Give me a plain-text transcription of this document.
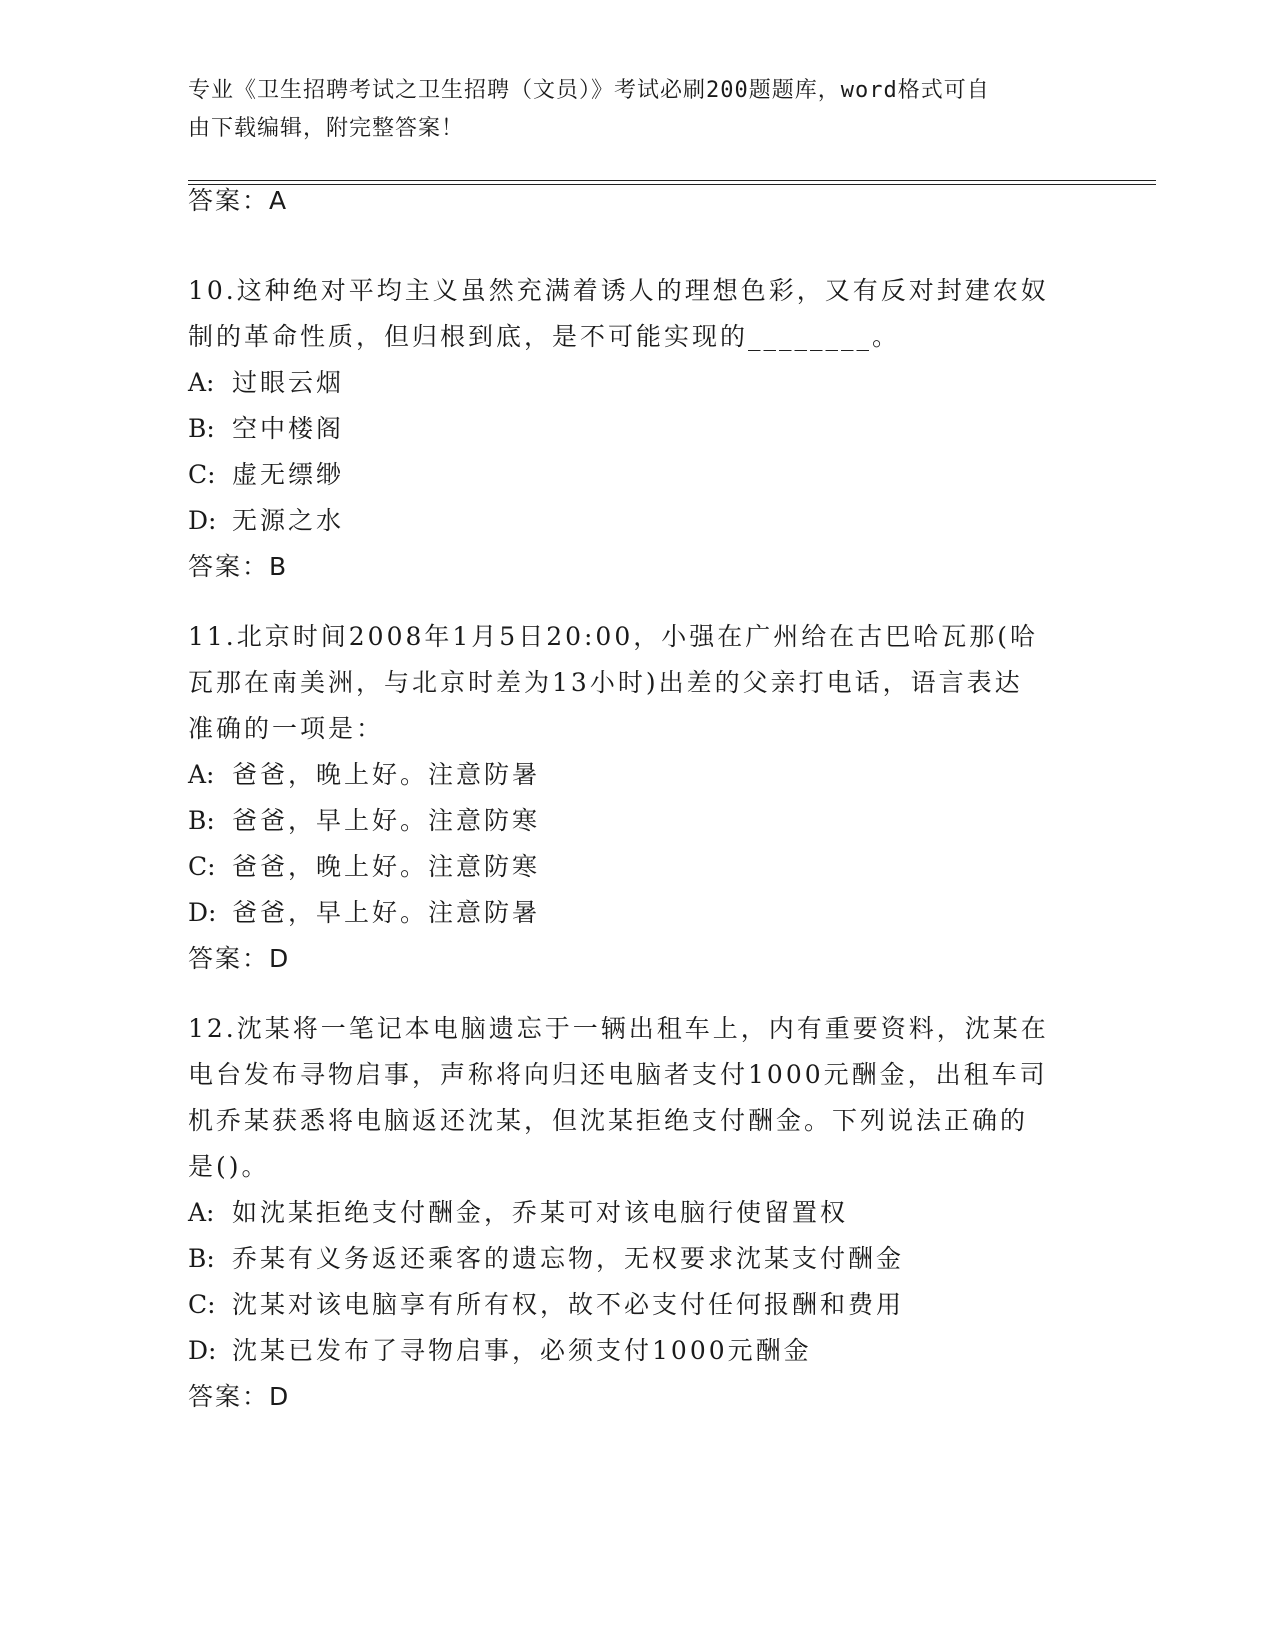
专业《卫生招聘考试之卫生招聘（文员）》考试必刷200题题库，word格式可自
由下载编辑，附完整答案！
答案：A
10.这种绝对平均主义虽然充满着诱人的理想色彩，又有反对封建农奴
制的革命性质，但归根到底，是不可能实现的________。
A: 过眼云烟
B: 空中楼阁
C: 虚无缥缈
D: 无源之水
答案：B
11.北京时间2008年1月5日20:00，小强在广州给在古巴哈瓦那(哈
瓦那在南美洲，与北京时差为13小时)出差的父亲打电话，语言表达
准确的一项是：
A: 爸爸，晚上好。注意防暑
B: 爸爸，早上好。注意防寒
C: 爸爸，晚上好。注意防寒
D: 爸爸，早上好。注意防暑
答案：D
12.沈某将一笔记本电脑遗忘于一辆出租车上，内有重要资料，沈某在
电台发布寻物启事，声称将向归还电脑者支付1000元酬金，出租车司
机乔某获悉将电脑返还沈某，但沈某拒绝支付酬金。下列说法正确的
是()。
A: 如沈某拒绝支付酬金，乔某可对该电脑行使留置权
B: 乔某有义务返还乘客的遗忘物，无权要求沈某支付酬金
C: 沈某对该电脑享有所有权，故不必支付任何报酬和费用
D: 沈某已发布了寻物启事，必须支付1000元酬金
答案：D
